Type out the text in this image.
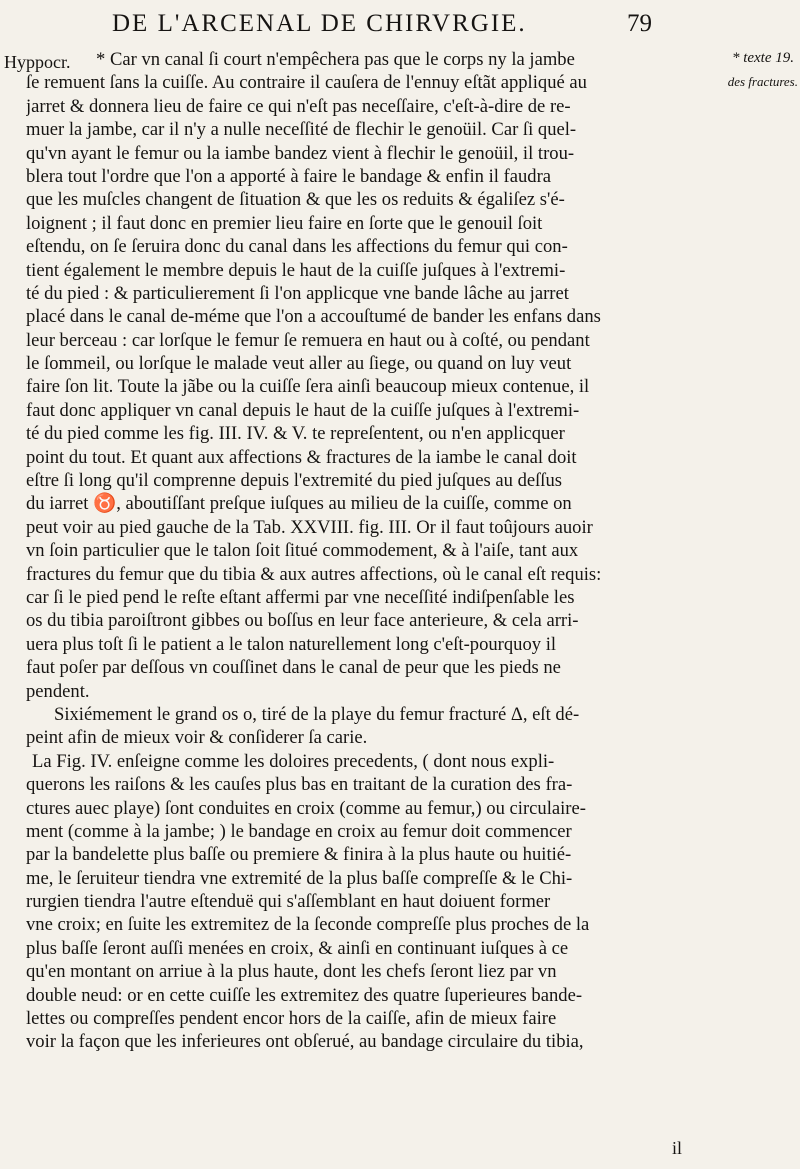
DE L'ARCENAL DE CHIRVRGIE.	79
Hyppocr.	* texte 19.
des fractures.
* Car vn canal ſi court n'empêchera pas que le corps ny la jambe
ſe remuent ſans la cuiſſe. Au contraire il cauſera de l'ennuy eſtãt appliqué au
jarret & donnera lieu de faire ce qui n'eſt pas neceſſaire, c'eſt-à-dire de re-
muer la jambe, car il n'y a nulle neceſſité de flechir le genoüil. Car ſi quel-
qu'vn ayant le femur ou la iambe bandez vient à flechir le genoüil, il trou-
blera tout l'ordre que l'on a apporté à faire le bandage & enfin il faudra
que les muſcles changent de ſituation & que les os reduits & égaliſez s'é-
loignent ; il faut donc en premier lieu faire en ſorte que le genouil ſoit
eſtendu, on ſe ſeruira donc du canal dans les affections du femur qui con-
tient également le membre depuis le haut de la cuiſſe juſques à l'extremi-
té du pied : & particulierement ſi l'on applicque vne bande lâche au jarret
placé dans le canal de-méme que l'on a accouſtumé de bander les enfans dans
leur berceau : car lorſque le femur ſe remuera en haut ou à coſté, ou pendant
le ſommeil, ou lorſque le malade veut aller au ſiege, ou quand on luy veut
faire ſon lit. Toute la jãbe ou la cuiſſe ſera ainſi beaucoup mieux contenue, il
faut donc appliquer vn canal depuis le haut de la cuiſſe juſques à l'extremi-
té du pied comme les fig. III. IV. & V. te repreſentent, ou n'en applicquer
point du tout. Et quant aux affections & fractures de la iambe le canal doit
eſtre ſi long qu'il comprenne depuis l'extremité du pied juſques au deſſus
du iarret ♉, aboutiſſant preſque iuſques au milieu de la cuiſſe, comme on
peut voir au pied gauche de la Tab. XXVIII. fig. III. Or il faut toûjours auoir
vn ſoin particulier que le talon ſoit ſitué commodement, & à l'aiſe, tant aux
fractures du femur que du tibia & aux autres affections, où le canal eſt requis:
car ſi le pied pend le reſte eſtant affermi par vne neceſſité indiſpenſable les
os du tibia paroiſtront gibbes ou boſſus en leur face anterieure, & cela arri-
uera plus toſt ſi le patient a le talon naturellement long c'eſt-pourquoy il
faut poſer par deſſous vn couſſinet dans le canal de peur que les pieds ne
pendent.
Sixiémement le grand os o, tiré de la playe du femur fracturé Δ, eſt dé-
peint afin de mieux voir & conſiderer ſa carie.
La Fig. IV. enſeigne comme les doloires precedents, ( dont nous expli-
querons les raiſons & les cauſes plus bas en traitant de la curation des fra-
ctures auec playe) ſont conduites en croix (comme au femur,) ou circulaire-
ment (comme à la jambe; ) le bandage en croix au femur doit commencer
par la bandelette plus baſſe ou premiere & finira à la plus haute ou huitié-
me, le ſeruiteur tiendra vne extremité de la plus baſſe compreſſe & le Chi-
rurgien tiendra l'autre eſtenduë qui s'aſſemblant en haut doiuent former
vne croix; en ſuite les extremitez de la ſeconde compreſſe plus proches de la
plus baſſe ſeront auſſi menées en croix, & ainſi en continuant iuſques à ce
qu'en montant on arriue à la plus haute, dont les chefs ſeront liez par vn
double neud: or en cette cuiſſe les extremitez des quatre ſuperieures bande-
lettes ou compreſſes pendent encor hors de la caiſſe, afin de mieux faire
voir la façon que les inferieures ont obſerué, au bandage circulaire du tibia,
il
